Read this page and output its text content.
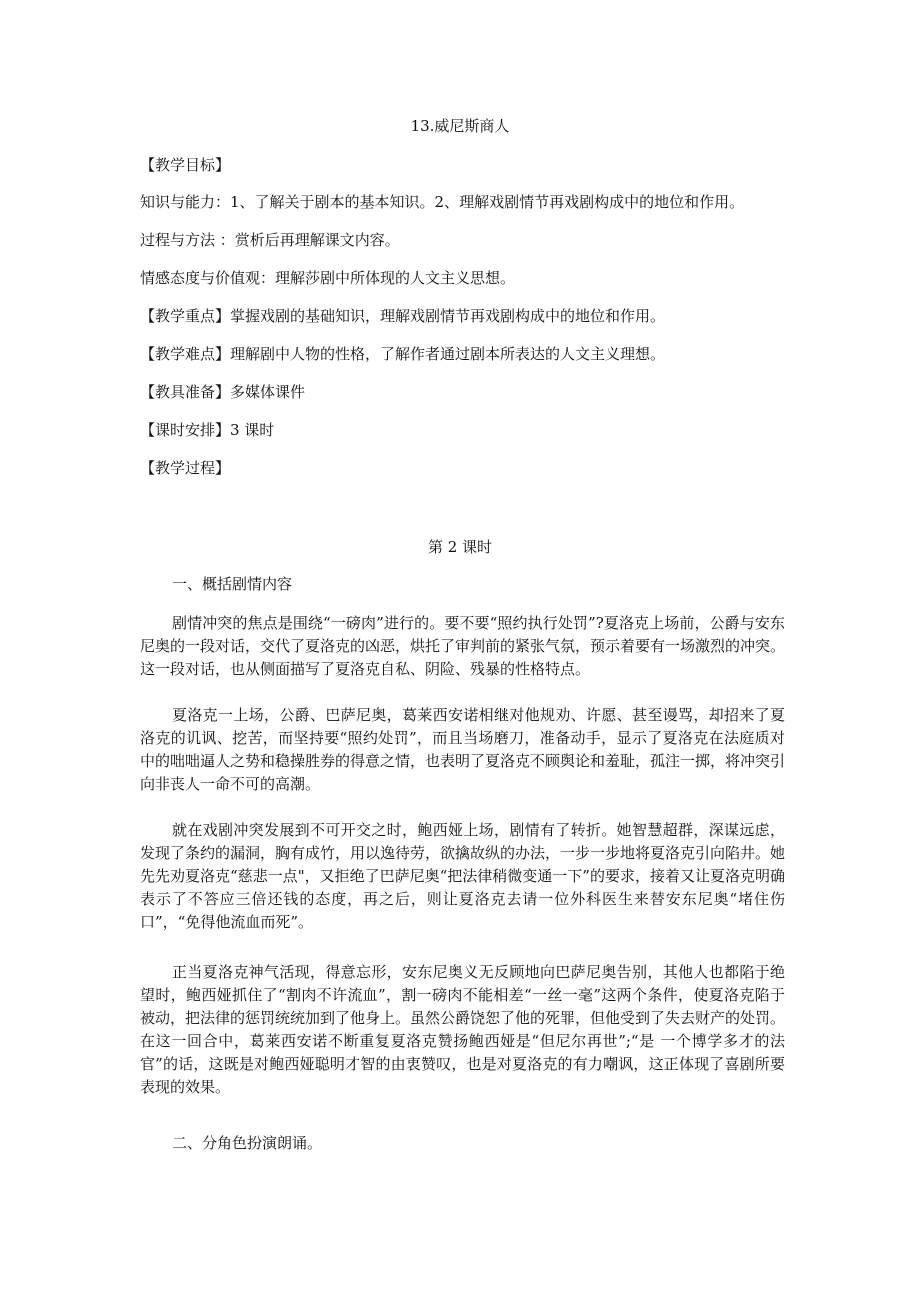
13.威尼斯商人
【教学目标】
知识与能力：1、了解关于剧本的基本知识。2、理解戏剧情节再戏剧构成中的地位和作用。
过程与方法 ：赏析后再理解课文内容。
情感态度与价值观：理解莎剧中所体现的人文主义思想。
【教学重点】掌握戏剧的基础知识，理解戏剧情节再戏剧构成中的地位和作用。
【教学难点】理解剧中人物的性格，了解作者通过剧本所表达的人文主义理想。
【教具准备】多媒体课件
【课时安排】3 课时
【教学过程】
第 2 课时
一、概括剧情内容
剧情冲突的焦点是围绕“一磅肉”进行的。要不要“照约执行处罚”?夏洛克上场前，公爵与安东尼奥的一段对话，交代了夏洛克的凶恶，烘托了审判前的紧张气氛，预示着要有一场激烈的冲突。这一段对话，也从侧面描写了夏洛克自私、阴险、残暴的性格特点。
夏洛克一上场，公爵、巴萨尼奥，葛莱西安诺相继对他规劝、许愿、甚至谩骂，却招来了夏洛克的讥讽、挖苦，而坚持要“照约处罚”，而且当场磨刀，准备动手，显示了夏洛克在法庭质对中的咄咄逼人之势和稳操胜券的得意之情，也表明了夏洛克不顾舆论和羞耻，孤注一掷，将冲突引向非丧人一命不可的高潮。
就在戏剧冲突发展到不可开交之时，鲍西娅上场，剧情有了转折。她智慧超群，深谋远虑，发现了条约的漏洞，胸有成竹，用以逸待劳，欲擒故纵的办法，一步一步地将夏洛克引向陷井。她先先劝夏洛克“慈悲一点"，又拒绝了巴萨尼奥“把法律稍微变通一下”的要求，接着又让夏洛克明确表示了不答应三倍还钱的态度，再之后，则让夏洛克去请一位外科医生来替安东尼奥“堵住伤口”，“免得他流血而死”。
正当夏洛克神气活现，得意忘形，安东尼奥义无反顾地向巴萨尼奥告别，其他人也都陷于绝望时，鲍西娅抓住了“割肉不许流血”，割一磅肉不能相差“一丝一毫”这两个条件，使夏洛克陷于被动，把法律的惩罚统统加到了他身上。虽然公爵饶恕了他的死罪，但他受到了失去财产的处罚。在这一回合中，葛莱西安诺不断重复夏洛克赞扬鲍西娅是“但尼尔再世”;“是 一个博学多才的法官”的话，这既是对鲍西娅聪明才智的由衷赞叹，也是对夏洛克的有力嘲讽，这正体现了喜剧所要表现的效果。
二、分角色扮演朗诵。
